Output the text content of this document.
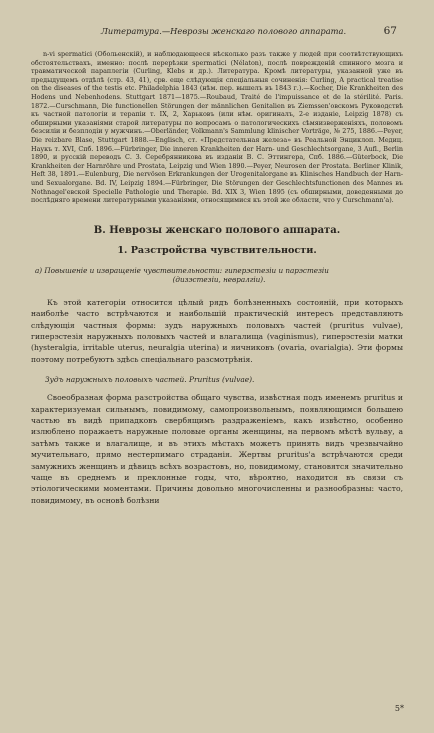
Литература.—Неврозы женскаго полового аппарата.	67

n-vi spermatici (Обольенскій), и наблюдающееся нѣсколько разъ также у людей при соотвѣтствующихъ обстоятельствахъ, именно: послѣ перерѣзки spermatici (Nélaton), послѣ поврежденій спинного мозга и травматической параплегіи (Curling, Klebs и др.). Литература. Кромѣ литературы, указанной уже въ предыдущемъ отдѣлѣ (стр. 43, 41), срв. еще слѣдующія спеціальныя сочиненія: Curling, A practical treatise on the diseases of the testis etc. Philadelphia 1843 (нѣм. пер. вышелъ въ 1843 г.).—Kocher, Die Krankheiten des Hodens und Nebenhodens. Stuttgart 1871—1875.—Roubaud, Traité de l'impuissance et de la stérilité. Paris. 1872.—Curschmann, Die functionellen Störungen der männlichen Genitalien въ Ziemssen'овскомъ Руководствѣ къ частной патологіи и терапіи т. IX, 2, Харьковъ (или нѣм. оригиналъ, 2-е изданіе, Leipzig 1878) съ обширными указаніями старой литературы по вопросамъ о патологическихъ сѣмяизверженіяхъ, половомъ безсиліи и безплодіи у мужчинъ.—Oberländer, Volkmann's Sammlung klinischer Vorträge, № 275, 1886.—Peyer, Die reizbare Blase, Stuttgart 1888.—Englisch, ст. «Предстательная железа» въ Реальной Энциклоп. Медиц. Наукъ т. XVI, Спб. 1896.—Fürbringer, Die inneren Krankheiten der Harn- und Geschlechtsorgane, 3 Aufl., Berlin 1890, и русскій переводъ С. З. Серебрянникова въ изданіи В. С. Эттингера, Спб. 1886.—Güterbock, Die Krankheiten der Harnröhre und Prostata, Leipzig und Wien 1890.—Peyer, Neurosen der Prostata. Berliner Klinik, Heft 38, 1891.—Eulenburg, Die nervösen Erkrankungen der Urogenitalorgane въ Klinisches Handbuch der Harn- und Sexualorgane. Bd. IV, Leipzig 1894.—Fürbringer, Die Störungen der Geschlechtsfunctionen des Mannes въ Nothnagel'евской Specielle Pathologie und Therapie. Bd. XIX 3, Wien 1895 (съ обширными, доведенными до послѣдняго времени литературными указаніями, относящимися къ этой же области, что у Curschmann'а).

В. Неврозы женскаго полового аппарата.
1. Разстройства чувствительности.
а) Повышеніе и извращеніе чувствительности: гиперэстезіи и парэстезіи
(дизэстезіи, невралгіи).

Къ этой категоріи относится цѣлый рядъ болѣзненныхъ состояній, при которыхъ наиболѣе часто встрѣчаются и наибольшій практическій интересъ представляютъ слѣдующія частныя формы: зудъ наружныхъ половыхъ частей (pruritus vulvae), гиперэстезія наружныхъ половыхъ частей и влагалища (vaginismus), гиперэстезіи матки (hysteralgia, irritable uterus, neuralgia uterina) и яичниковъ (ovaria, ovarialgia). Эти формы поэтому потребуютъ здѣсь спеціальнаго разсмотрѣнія.

Зудъ наружныхъ половыхъ частей. Pruritus (vulvae).

Своеобразная форма разстройства общаго чувства, извѣстная подъ именемъ pruritus и характеризуемая сильнымъ, повидимому, самопроизвольнымъ, появляющимся большею частью въ видѣ припадковъ свербящимъ раздраженіемъ, какъ извѣстно, особенно излюблено поражаетъ наружные половые органы женщины, на первомъ мѣстѣ вульву, а затѣмъ также и влагалище, и въ этихъ мѣстахъ можетъ принять видъ чрезвычайно мучительнаго, прямо нестерпимаго страданія. Жертвы pruritus'а встрѣчаются среди замужнихъ женщинъ и дѣвицъ всѣхъ возрастовъ, но, повидимому, становятся значительно чаще въ среднемъ и преклонные годы, что, вѣроятно, находится въ связи съ этіологическими моментами. Причины довольно многочисленны и разнообразны: часто, повидимому, въ основѣ болѣзни

5*
